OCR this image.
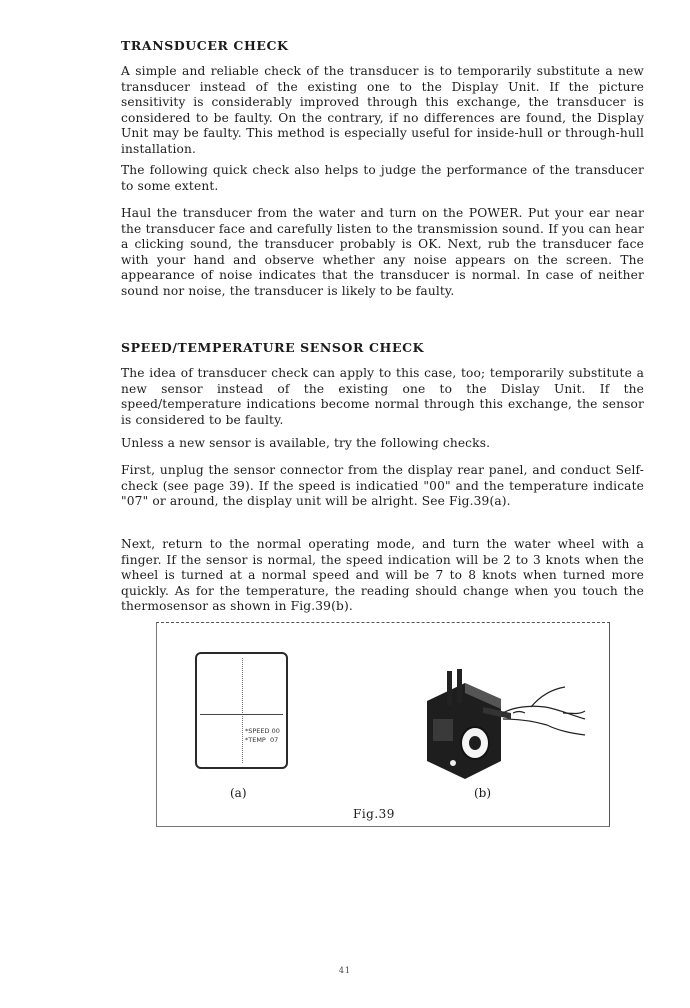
TRANSDUCER CHECK

A simple and reliable check of the transducer is to temporarily substitute a new transducer instead of the existing one to the Display Unit. If the picture sensitivity is considerably improved through this exchange, the transducer is considered to be faulty. On the contrary, if no differences are found, the Display Unit may be faulty. This method is especially useful for inside-hull or through-hull installation.

The following quick check also helps to judge the performance of the transducer to some extent.

Haul the transducer from the water and turn on the POWER. Put your ear near the transducer face and carefully listen to the transmission sound. If you can hear a clicking sound, the transducer probably is OK. Next, rub the transducer face with your hand and observe whether any noise appears on the screen. The appearance of noise indicates that the transducer is normal. In case of neither sound nor noise, the transducer is likely to be faulty.

SPEED/TEMPERATURE SENSOR CHECK

The idea of transducer check can apply to this case, too; temporarily substitute a new sensor instead of the existing one to the Dislay Unit. If the speed/temperature indications become normal through this exchange, the sensor is considered to be faulty.

Unless a new sensor is available, try the following checks.

First, unplug the sensor connector from the display rear panel, and conduct Self-check (see page 39). If the speed is indicatied "00" and the temperature indicate "07" or around, the display unit will be alright. See Fig.39(a).

Next, return to the normal operating mode, and turn the water wheel with a finger. If the sensor is normal, the speed indication will be 2 to 3 knots when the wheel is turned at a normal speed and will be 7 to 8 knots when turned more quickly. As for the temperature, the reading should change when you touch the thermosensor as shown in Fig.39(b).

*SPEED 00
*TEMP  07
(a)	(b)
Fig.39
41
